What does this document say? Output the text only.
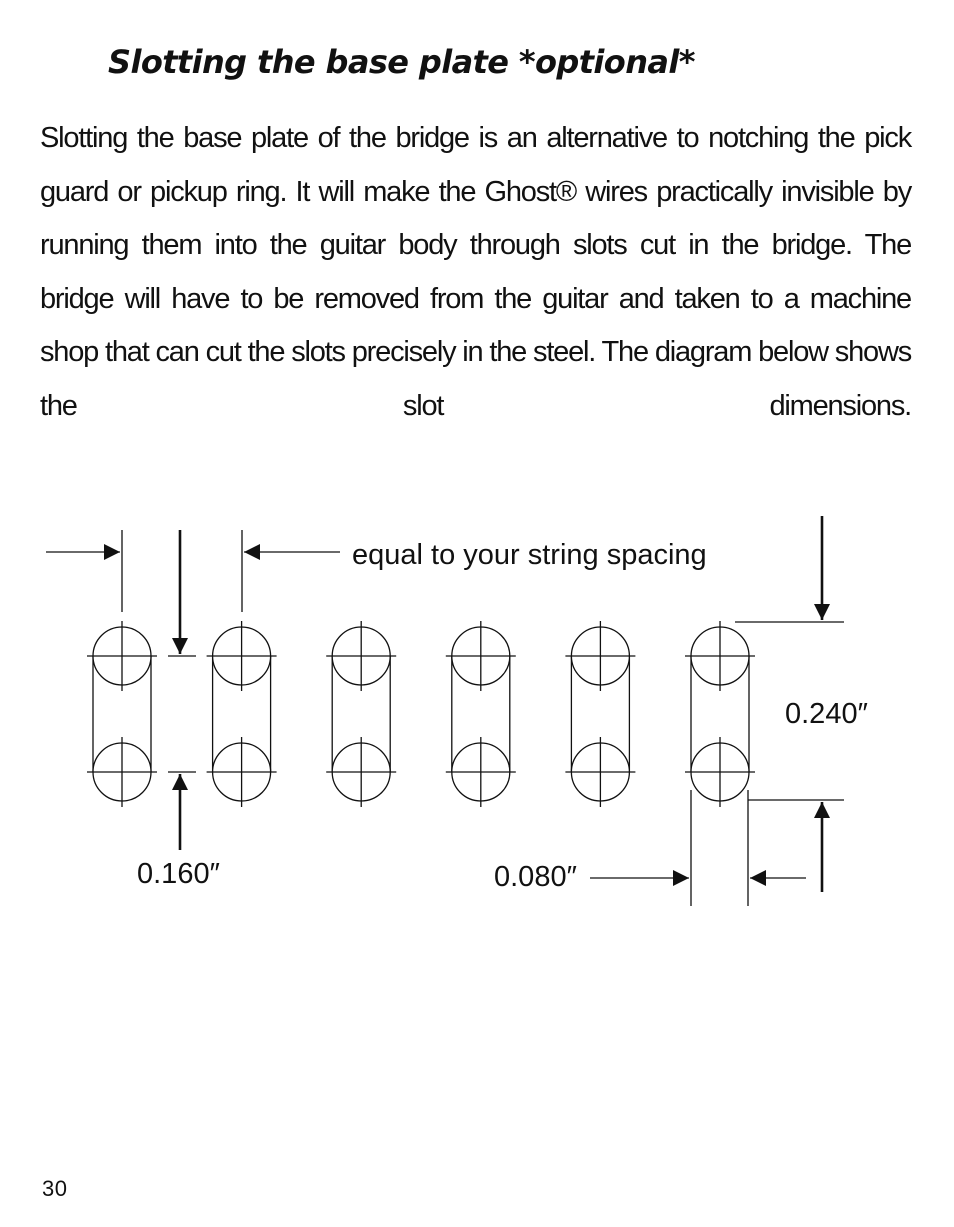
Slotting the base plate *optional*

Slotting the base plate of the bridge is an alternative to notching the pick guard or pickup ring. It will make the Ghost® wires practically invisible by running them into the guitar body through slots cut in the bridge. The bridge will have to be removed from the guitar and taken to a machine shop that can cut the slots precisely in the steel. The diagram below shows the slot dimensions.

equal to your string spacing
0.240″
0.160″	0.080″
30
